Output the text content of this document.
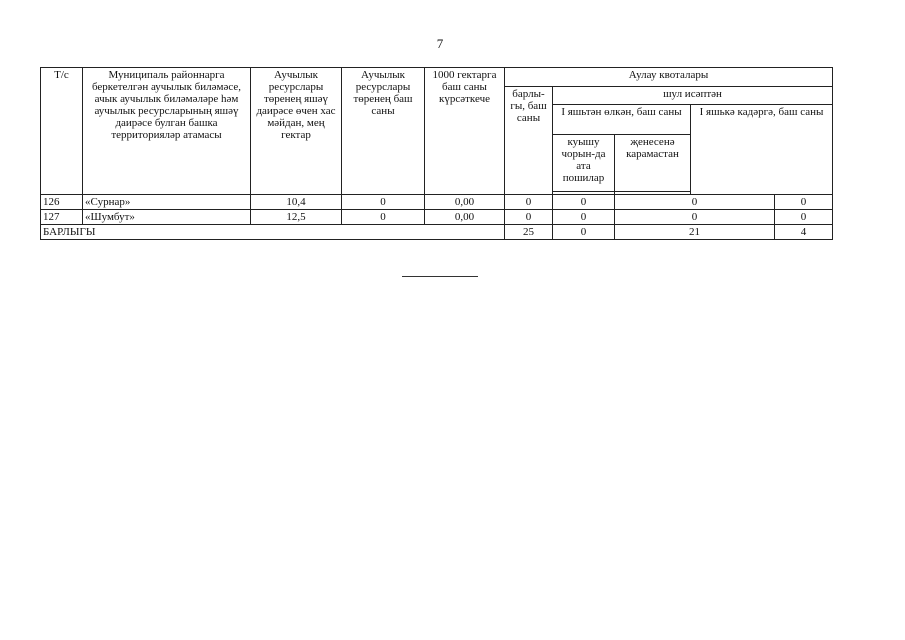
7
Т/с	Муниципаль районнарга беркетелгән аучылык биләмәсе, ачык аучылык биләмәләре һәм аучылык ресурсларының яшәү даирәсе булган башка территорияләр атамасы	Аучылык ресурслары төренең яшәү даирәсе өчен хас мәйдан, мең гектар	Аучылык ресурслары төренең баш саны	1000 гектарга баш саны күрсәткече	Аулау квоталары				
					барлы-гы, баш саны	шул исәптән			
						I яшьтән өлкән, баш саны		I яшькә кадәргә, баш саны	
						куышу чорын-да ата пошилар	җенесенә карамастан		

126	«Сурнар»	10,4	0	0,00	0	0	0		0
127	«Шумбут»	12,5	0	0,00	0	0	0		0
БАРЛЫГЫ					25	0	21		4
